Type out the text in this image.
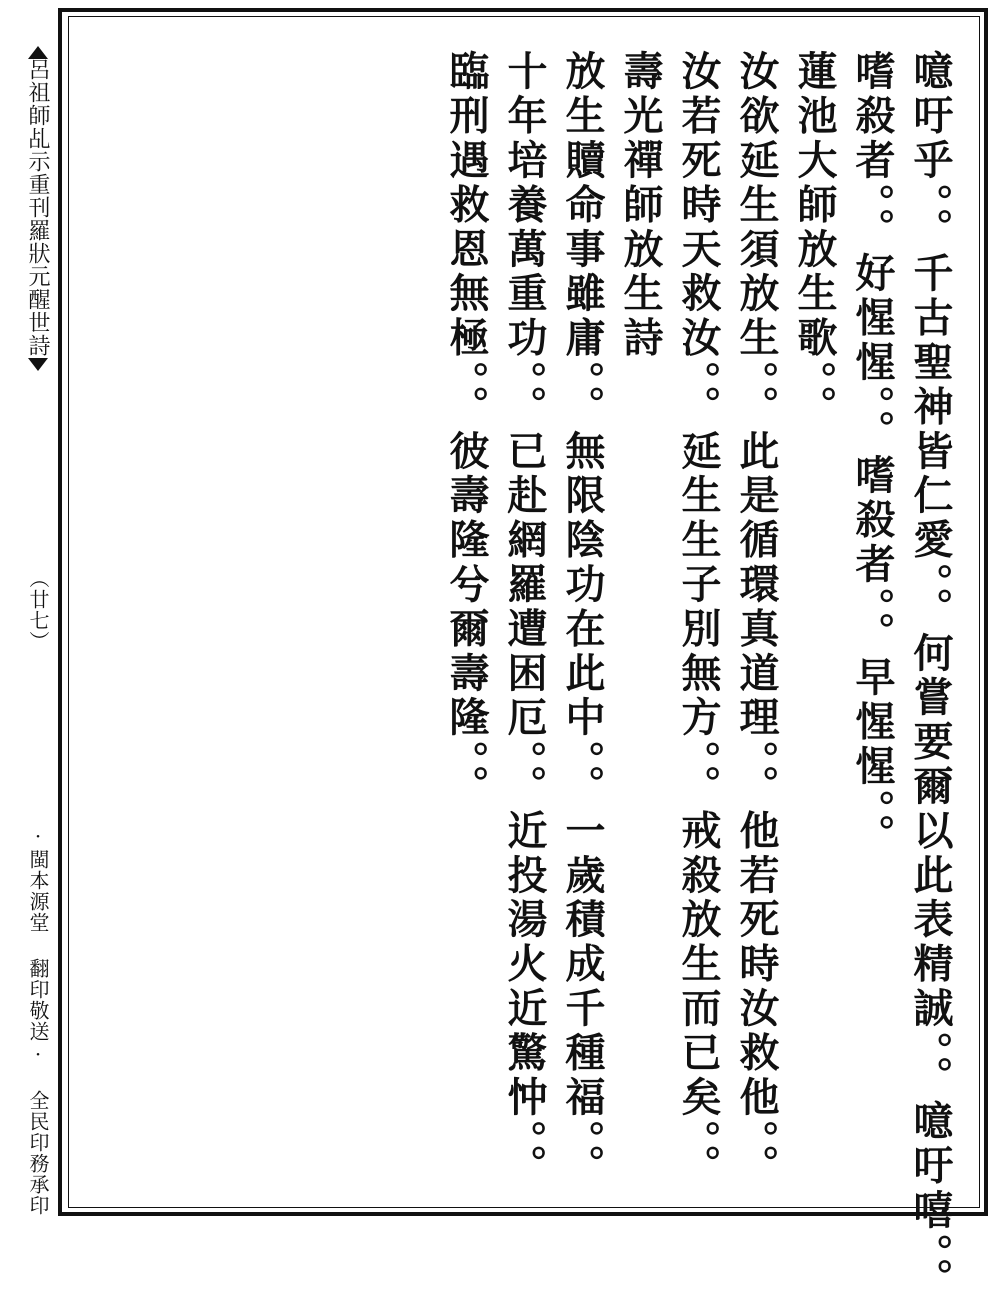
呂祖師乩示重刊羅狀元醒世詩
（廿七）
·閩本源堂 翻印敬送·
全民印務承印	噫吁乎。。千古聖神皆仁愛。。何嘗要爾以此表精誠。。噫吁嘻。。
嗜殺者。。好惺惺。。嗜殺者。。早惺惺。。
蓮池大師放生歌。。
汝欲延生須放生。。此是循環真道理。。他若死時汝救他。。
汝若死時天救汝。。延生生子別無方。。戒殺放生而已矣。。
壽光禪師放生詩
放生贖命事雖庸。。無限陰功在此中。。一歲積成千種福。。
十年培養萬重功。。已赴網羅遭困厄。。近投湯火近驚忡。。
臨刑遇救恩無極。。彼壽隆兮爾壽隆。。
